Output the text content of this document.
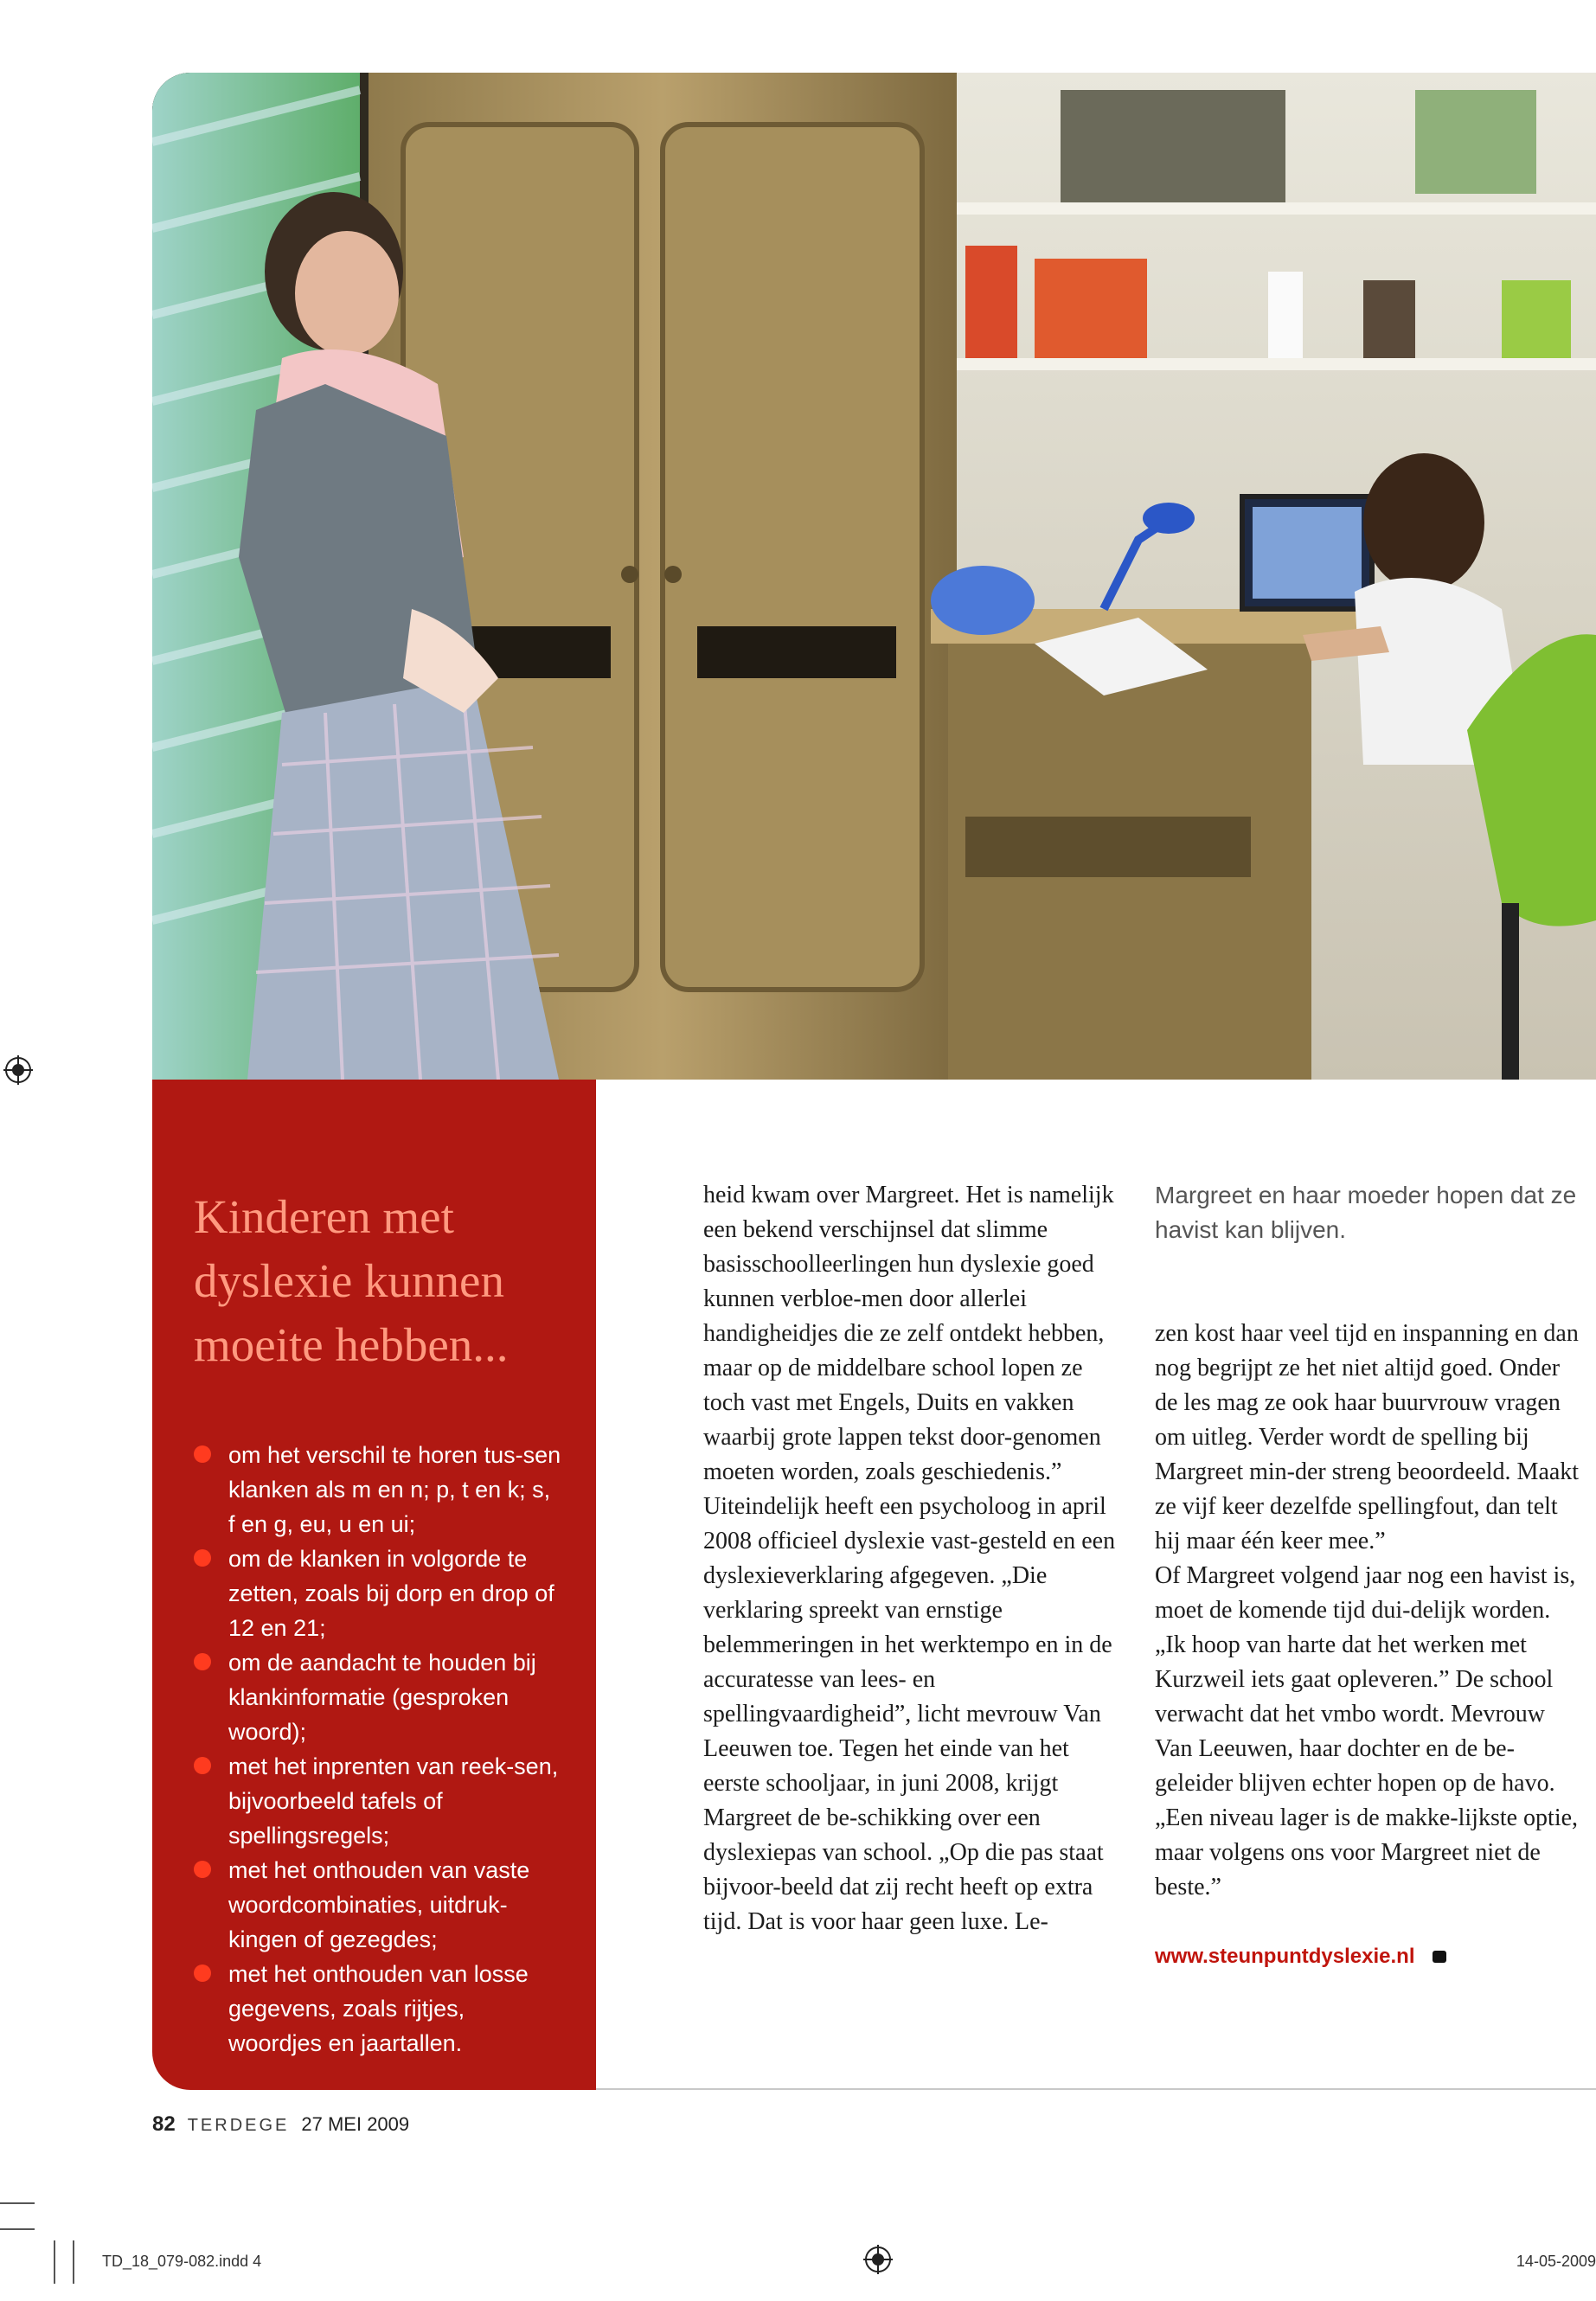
Kinderen met dyslexie kunnen moeite hebben...
om het verschil te horen tus-sen klanken als m en n; p, t en k; s, f en g, eu, u en ui;
om de klanken in volgorde te zetten, zoals bij dorp en drop of 12 en 21;
om de aandacht te houden bij klankinformatie (gesproken woord);
met het inprenten van reek-sen, bijvoorbeeld tafels of spellingsregels;
met het onthouden van vaste woordcombinaties, uitdruk-kingen of gezegdes;
met het onthouden van losse gegevens, zoals rijtjes, woordjes en jaartallen.

heid kwam over Margreet. Het is namelijk een bekend verschijnsel dat slimme basisschoolleerlingen hun dyslexie goed kunnen verbloe-men door allerlei handigheidjes die ze zelf ontdekt hebben, maar op de middelbare school lopen ze toch vast met Engels, Duits en vakken waarbij grote lappen tekst door-genomen moeten worden, zoals geschiedenis.”

Uiteindelijk heeft een psycholoog in april 2008 officieel dyslexie vast-gesteld en een dyslexieverklaring afgegeven. „Die verklaring spreekt van ernstige belemmeringen in het werktempo en in de accuratesse van lees- en spellingvaardigheid”, licht mevrouw Van Leeuwen toe. Tegen het einde van het eerste schooljaar, in juni 2008, krijgt Margreet de be-schikking over een dyslexiepas van school. „Op die pas staat bijvoor-beeld dat zij recht heeft op extra tijd. Dat is voor haar geen luxe. Le-

Margreet en haar moeder hopen dat ze havist kan blijven.

zen kost haar veel tijd en inspanning en dan nog begrijpt ze het niet altijd goed. Onder de les mag ze ook haar buurvrouw vragen om uitleg. Verder wordt de spelling bij Margreet min-der streng beoordeeld. Maakt ze vijf keer dezelfde spellingfout, dan telt hij maar één keer mee.”

Of Margreet volgend jaar nog een havist is, moet de komende tijd dui-delijk worden. „Ik hoop van harte dat het werken met Kurzweil iets gaat opleveren.” De school verwacht dat het vmbo wordt. Mevrouw Van Leeuwen, haar dochter en de be-geleider blijven echter hopen op de havo. „Een niveau lager is de makke-lijkste optie, maar volgens ons voor Margreet niet de beste.”

www.steunpuntdyslexie.nl

82 TERDEGE 27 MEI 2009
TD_18_079-082.indd 4	14-05-2009
